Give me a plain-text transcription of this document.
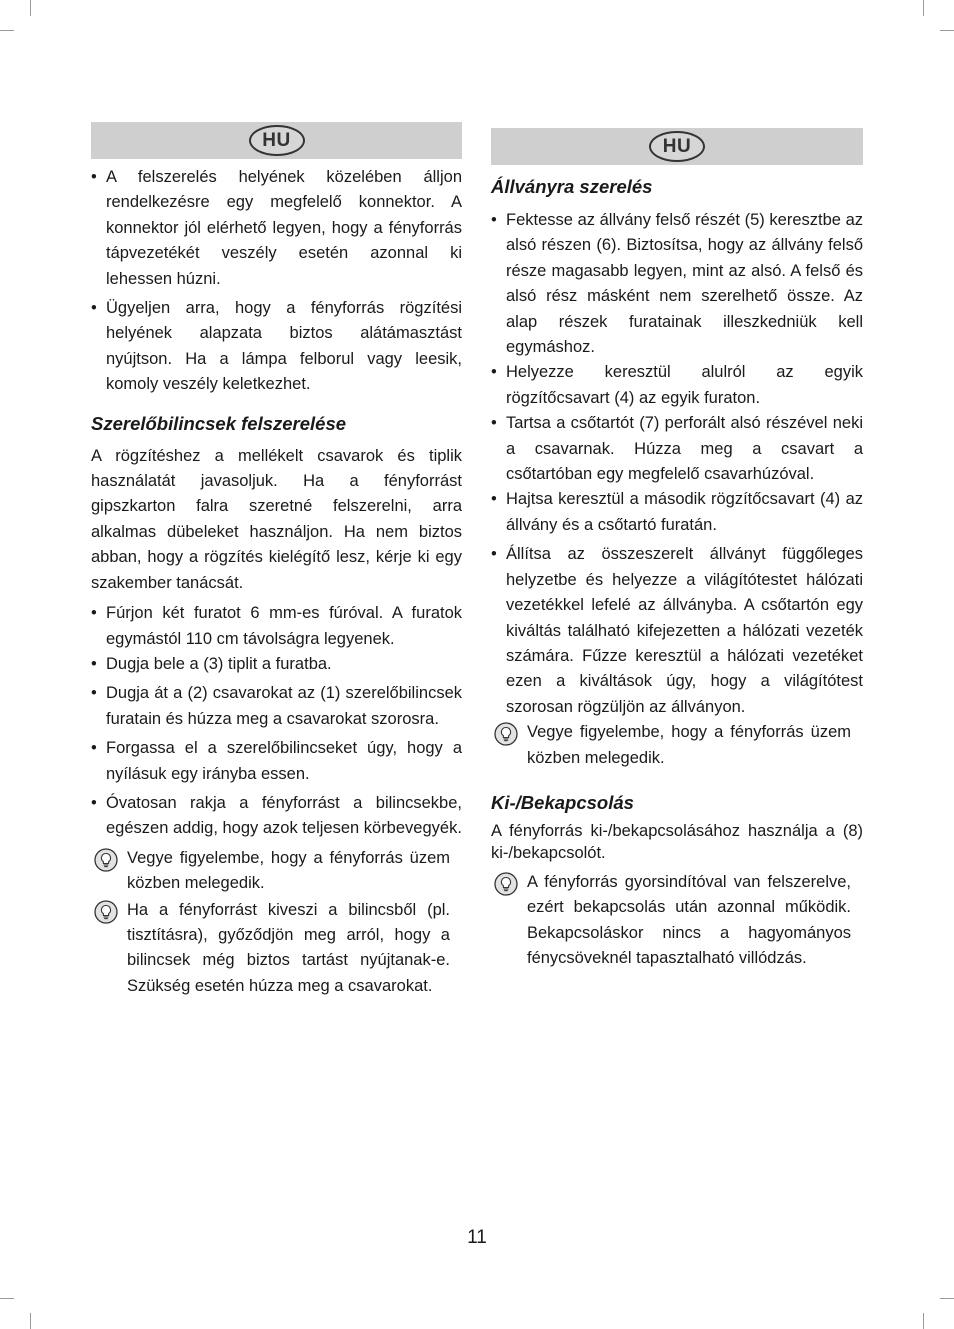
HU
• A felszerelés helyének közelében álljon rendelkezésre egy megfelelő konnektor. A konnektor jól elérhető legyen, hogy a fényforrás tápvezetékét veszély esetén azonnal ki lehessen húzni.
• Ügyeljen arra, hogy a fényforrás rögzítési helyének alapzata biztos alátámasztást nyújtson. Ha a lámpa felborul vagy leesik, komoly veszély keletkezhet.
Szerelőbilincsek felszerelése

A rögzítéshez a mellékelt csavarok és tiplik használatát javasoljuk. Ha a fényforrást gipszkarton falra szeretné felszerelni, arra alkalmas dübeleket használjon. Ha nem biztos abban, hogy a rögzítés kielégítő lesz, kérje ki egy szakember tanácsát.

• Fúrjon két furatot 6 mm-es fúróval. A furatok egymástól 110 cm távolságra legyenek.
• Dugja bele a (3) tiplit a furatba.
• Dugja át a (2) csavarokat az (1) szerelőbilincsek furatain és húzza meg a csavarokat szorosra.
• Forgassa el a szerelőbilincseket úgy, hogy a nyílásuk egy irányba essen.
• Óvatosan rakja a fényforrást a bilincsekbe, egészen addig, hogy azok teljesen körbevegyék.
Vegye figyelembe, hogy a fényforrás üzem közben melegedik.
Ha a fényforrást kiveszi a bilincsből (pl. tisztításra), győződjön meg arról, hogy a bilincsek még biztos tartást nyújtanak-e. Szükség esetén húzza meg a csavarokat.
HU
Állványra szerelés
• Fektesse az állvány felső részét (5) keresztbe az alsó részen (6). Biztosítsa, hogy az állvány felső része magasabb legyen, mint az alsó. A felső és alsó rész másként nem szerelhető össze. Az alap részek furatainak illeszkedniük kell egymáshoz.
• Helyezze keresztül alulról az egyik rögzítőcsavart (4) az egyik furaton.
• Tartsa a csőtartót (7) perforált alsó részével neki a csavarnak. Húzza meg a csavart a csőtartóban egy megfelelő csavarhúzóval.
• Hajtsa keresztül a második rögzítőcsavart (4) az állvány és a csőtartó furatán.
• Állítsa az összeszerelt állványt függőleges helyzetbe és helyezze a világítótestet hálózati vezetékkel lefelé az állványba. A csőtartón egy kiváltás található kifejezetten a hálózati vezeték számára. Fűzze keresztül a hálózati vezetéket ezen a kiváltások úgy, hogy a világítótest szorosan rögzüljön az állványon.
Vegye figyelembe, hogy a fényforrás üzem közben melegedik.
Ki-/Bekapcsolás

A fényforrás ki-/bekapcsolásához használja a (8) ki-/bekapcsolót.

A fényforrás gyorsindítóval van felszerelve, ezért bekapcsolás után azonnal működik. Bekapcsoláskor nincs a hagyományos fénycsöveknél tapasztalható villódzás.
11
